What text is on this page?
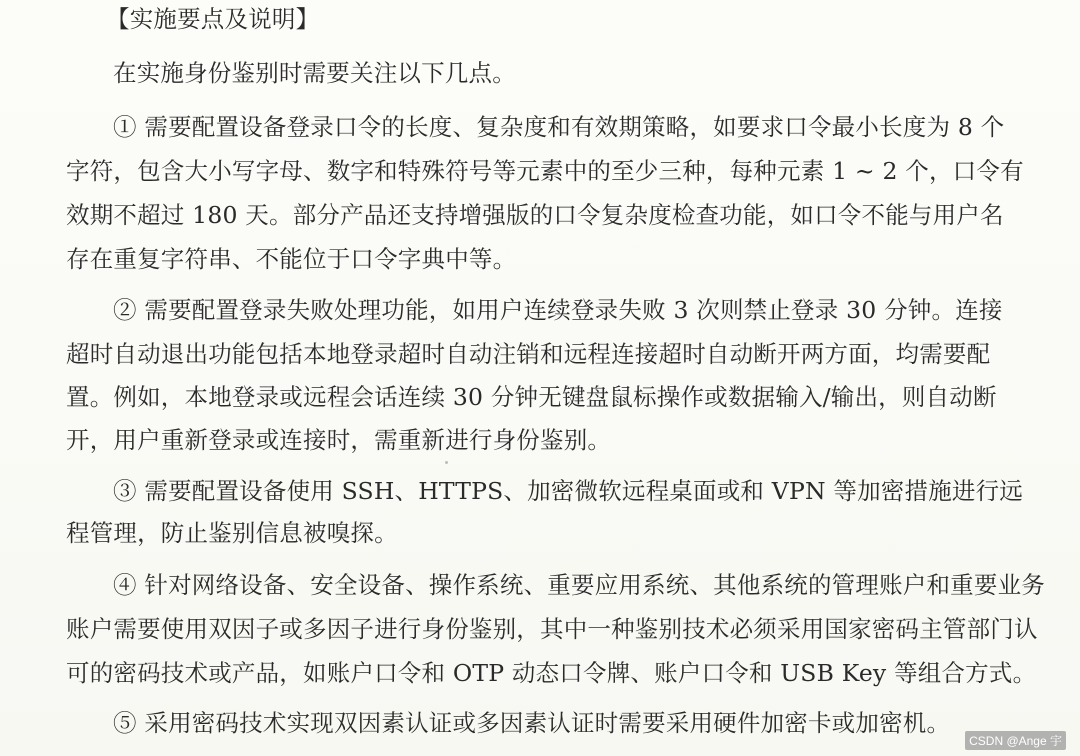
【实施要点及说明】
在实施身份鉴别时需要关注以下几点。
① 需要配置设备登录口令的长度、复杂度和有效期策略，如要求口令最小长度为 8 个
字符，包含大小写字母、数字和特殊符号等元素中的至少三种，每种元素 1 ~ 2 个，口令有
效期不超过 180 天。部分产品还支持增强版的口令复杂度检查功能，如口令不能与用户名
存在重复字符串、不能位于口令字典中等。
② 需要配置登录失败处理功能，如用户连续登录失败 3 次则禁止登录 30 分钟。连接
超时自动退出功能包括本地登录超时自动注销和远程连接超时自动断开两方面，均需要配
置。例如，本地登录或远程会话连续 30 分钟无键盘鼠标操作或数据输入/输出，则自动断
开，用户重新登录或连接时，需重新进行身份鉴别。
③ 需要配置设备使用 SSH、HTTPS、加密微软远程桌面或和 VPN 等加密措施进行远
程管理，防止鉴别信息被嗅探。
④ 针对网络设备、安全设备、操作系统、重要应用系统、其他系统的管理账户和重要业务
账户需要使用双因子或多因子进行身份鉴别，其中一种鉴别技术必须采用国家密码主管部门认
可的密码技术或产品，如账户口令和 OTP 动态口令牌、账户口令和 USB Key 等组合方式。
⑤ 采用密码技术实现双因素认证或多因素认证时需要采用硬件加密卡或加密机。
CSDN @Ange 宇
